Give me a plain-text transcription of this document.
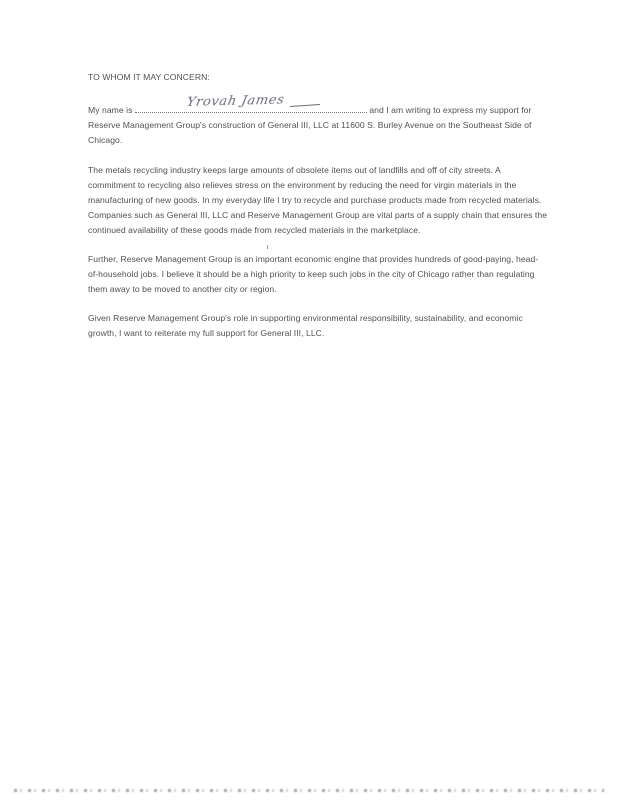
TO WHOM IT MAY CONCERN:

My name is	Yrovah James	and I am writing to express my support for Reserve Management Group's construction of General III, LLC at 11600 S. Burley Avenue on the Southeast Side of Chicago.

The metals recycling industry keeps large amounts of obsolete items out of landfills and off of city streets. A commitment to recycling also relieves stress on the environment by reducing the need for virgin materials in the manufacturing of new goods. In my everyday life I try to recycle and purchase products made from recycled materials. Companies such as General III, LLC and Reserve Management Group are vital parts of a supply chain that ensures the continued availability of these goods made from recycled materials in the marketplace.

Further, Reserve Management Group is an important economic engine that provides hundreds of good-paying, head-of-household jobs. I believe it should be a high priority to keep such jobs in the city of Chicago rather than regulating them away to be moved to another city or region.

Given Reserve Management Group's role in supporting environmental responsibility, sustainability, and economic growth, I want to reiterate my full support for General III, LLC.
